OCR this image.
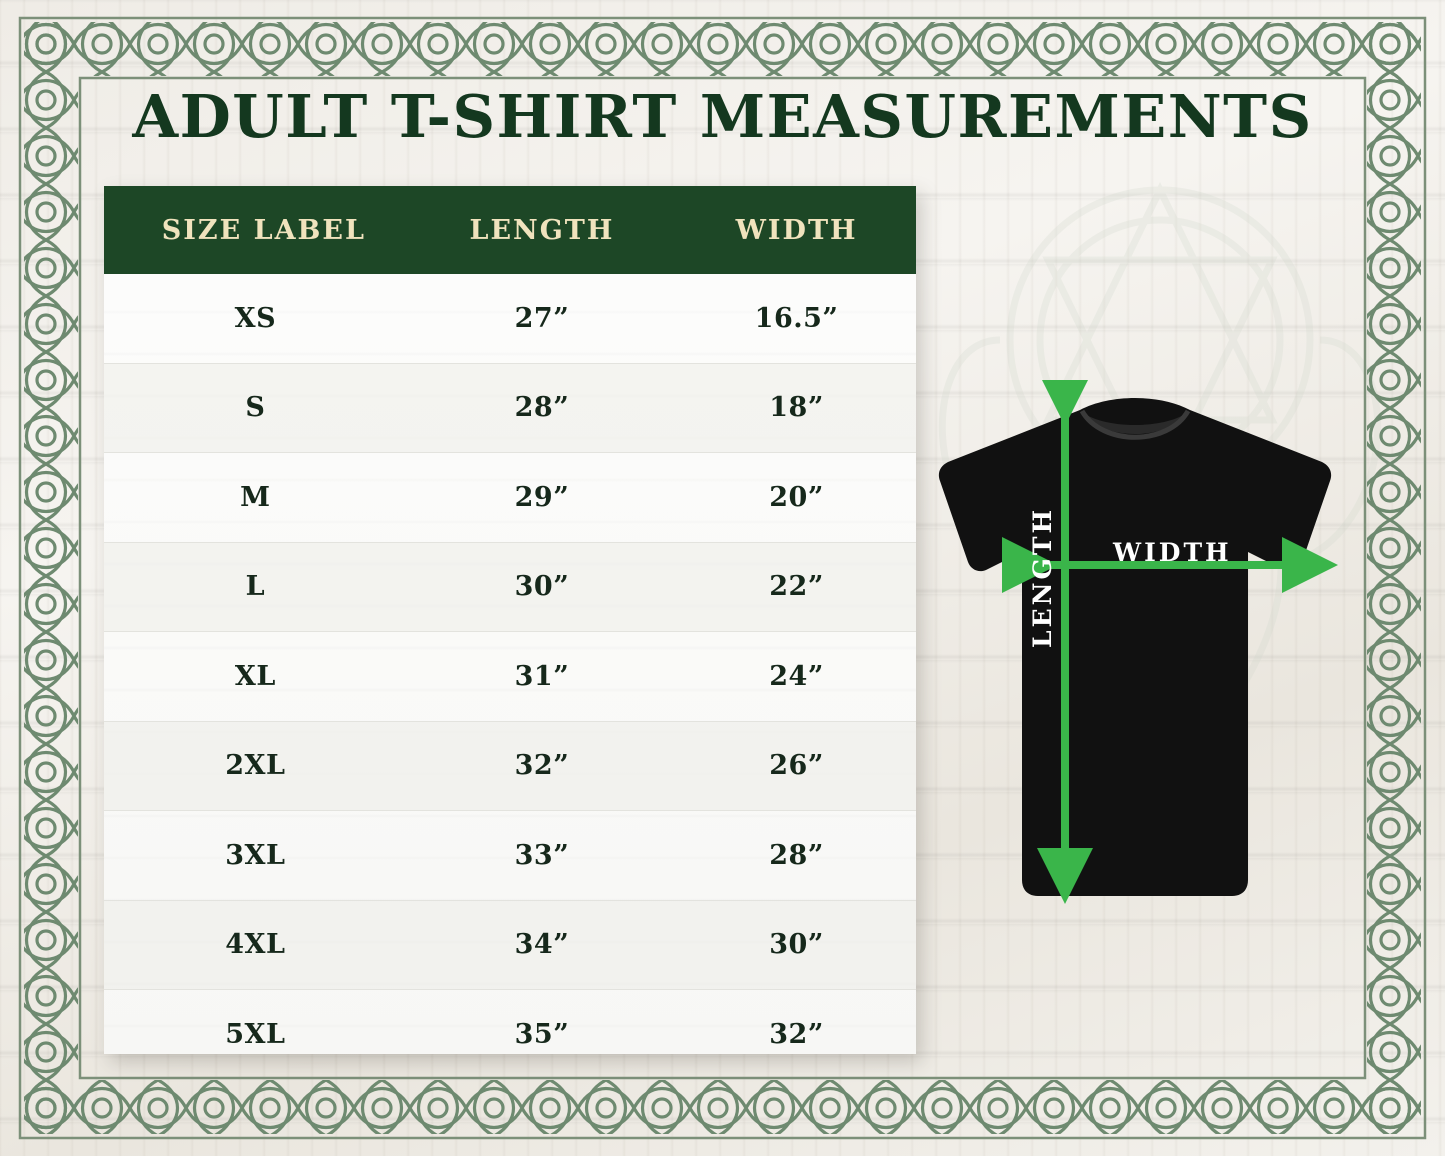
ADULT T-SHIRT MEASUREMENTS
SIZE LABEL	LENGTH	WIDTH
XS	27”	16.5”
S	28”	18”
M	29”	20”
L	30”	22”
XL	31”	24”
2XL	32”	26”
3XL	33”	28”
4XL	34”	30”
5XL	35”	32”
WIDTH
LENGTH
